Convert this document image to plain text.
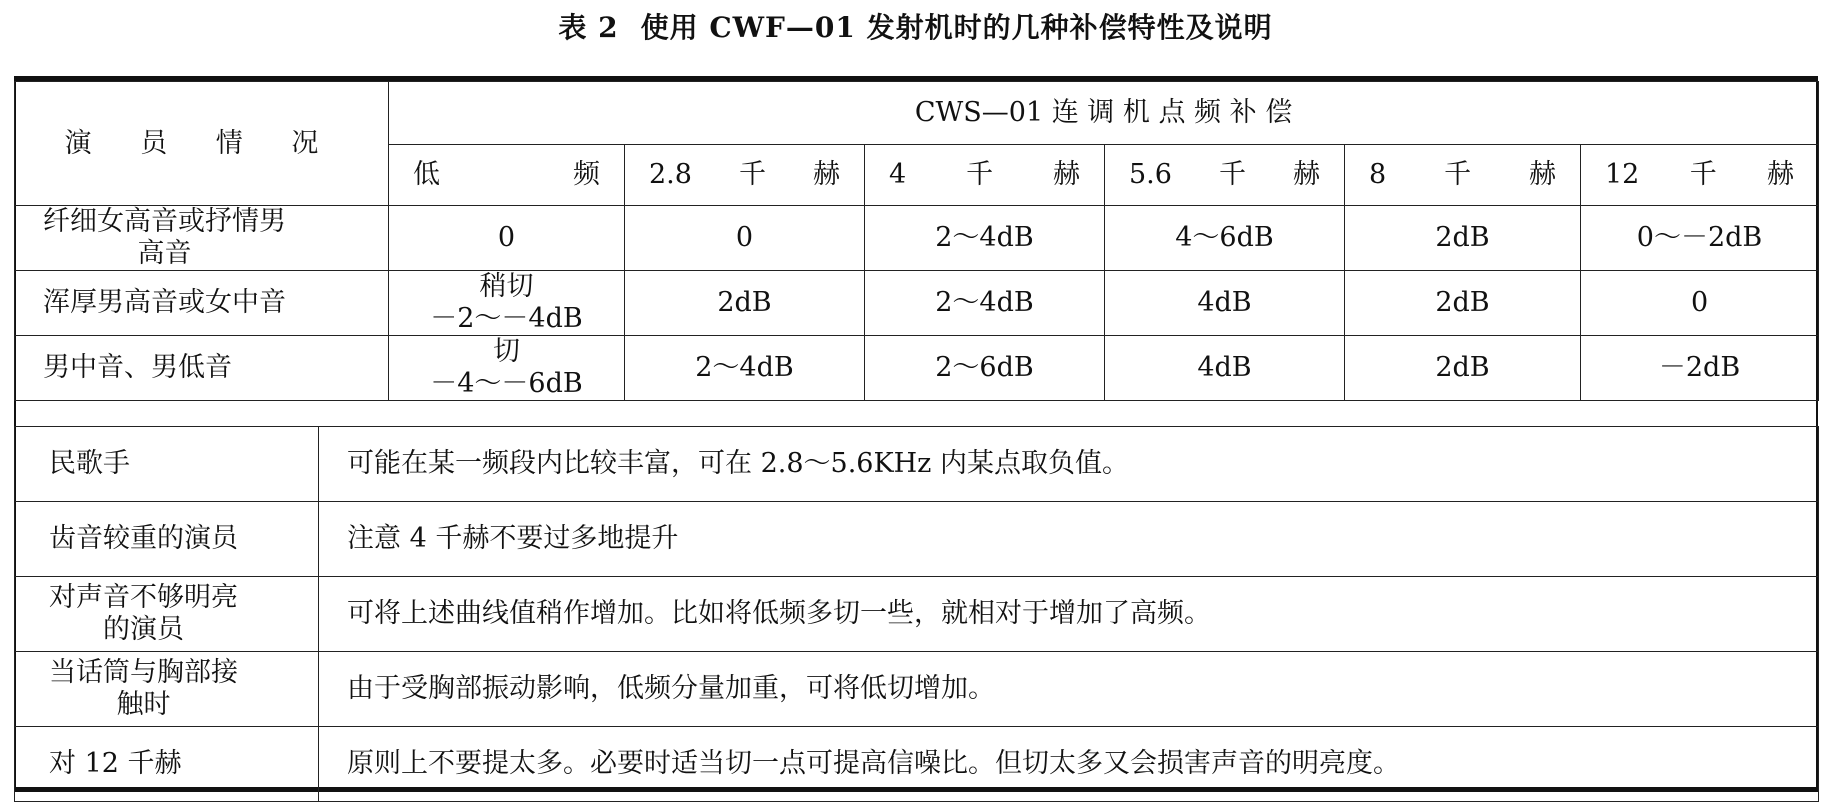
表 2 使用 CWF—01 发射机时的几种补偿特性及说明
演 员 情 况	CWS—01 连 调 机 点 频 补 偿					

	低 频	2.8 千 赫	4 千 赫	5.6 千 赫	8 千 赫	12 千 赫

纤细女高音或抒情男
高音	0	0	2～4dB	4～6dB	2dB	0～－2dB
浑厚男高音或女中音	稍切
－2～－4dB	2dB	2～4dB	4dB	2dB	0
男中音、男低音	切
－4～－6dB	2～4dB	2～6dB	4dB	2dB	－2dB
民歌手	可能在某一频段内比较丰富，可在 2.8～5.6KHz 内某点取负值。
齿音较重的演员	注意 4 千赫不要过多地提升
对声音不够明亮
的演员	可将上述曲线值稍作增加。比如将低频多切一些，就相对于增加了高频。
当话筒与胸部接
触时	由于受胸部振动影响，低频分量加重，可将低切增加。
对 12 千赫	原则上不要提太多。必要时适当切一点可提高信噪比。但切太多又会损害声音的明亮度。
